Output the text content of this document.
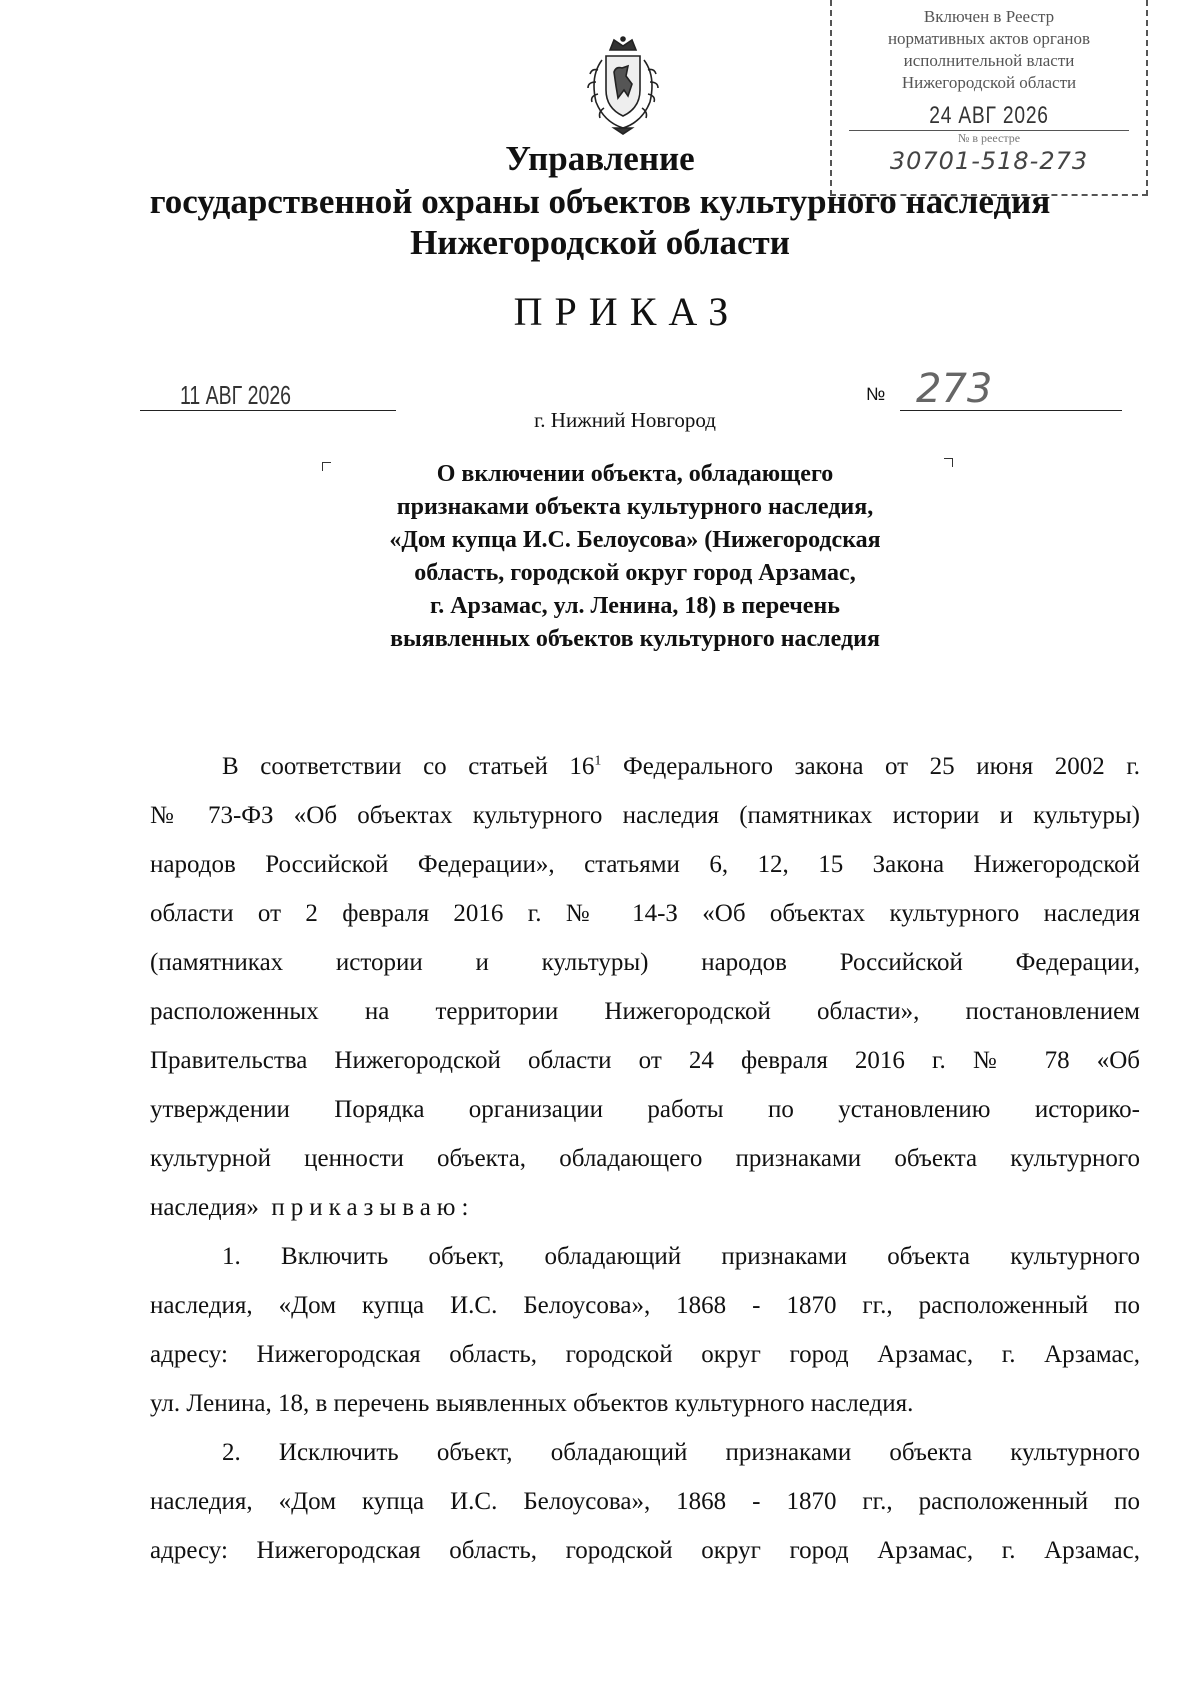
Включен в Реестр
нормативных актов органов
исполнительной власти
Нижегородской области
24 АВГ 2026
№ в реестре
30701-518-273
Управление
государственной охраны объектов культурного наследия
Нижегородской области
ПРИКАЗ
11 АВГ 2026	№ 273
г. Нижний Новгород
О включении объекта, обладающего
признаками объекта культурного наследия,
«Дом купца И.С. Белоусова» (Нижегородская
область, городской округ город Арзамас,
г. Арзамас, ул. Ленина, 18) в перечень
выявленных объектов культурного наследия

В соответствии со статьей $16^1$ Федерального закона от 25 июня 2002 г.

№ 73-ФЗ «Об объектах культурного наследия (памятниках истории и культуры)

народов Российской Федерации», статьями 6, 12, 15 Закона Нижегородской

области от 2 февраля 2016 г. № 14-З «Об объектах культурного наследия

(памятниках истории и культуры) народов Российской Федерации,

расположенных на территории Нижегородской области», постановлением

Правительства Нижегородской области от 24 февраля 2016 г. № 78 «Об

утверждении Порядка организации работы по установлению историко-

культурной ценности объекта, обладающего признаками объекта культурного

наследия» приказываю:

1. Включить объект, обладающий признаками объекта культурного

наследия, «Дом купца И.С. Белоусова», 1868 - 1870 гг., расположенный по

адресу: Нижегородская область, городской округ город Арзамас, г. Арзамас,

ул. Ленина, 18, в перечень выявленных объектов культурного наследия.

2. Исключить объект, обладающий признаками объекта культурного

наследия, «Дом купца И.С. Белоусова», 1868 - 1870 гг., расположенный по

адресу: Нижегородская область, городской округ город Арзамас, г. Арзамас,
